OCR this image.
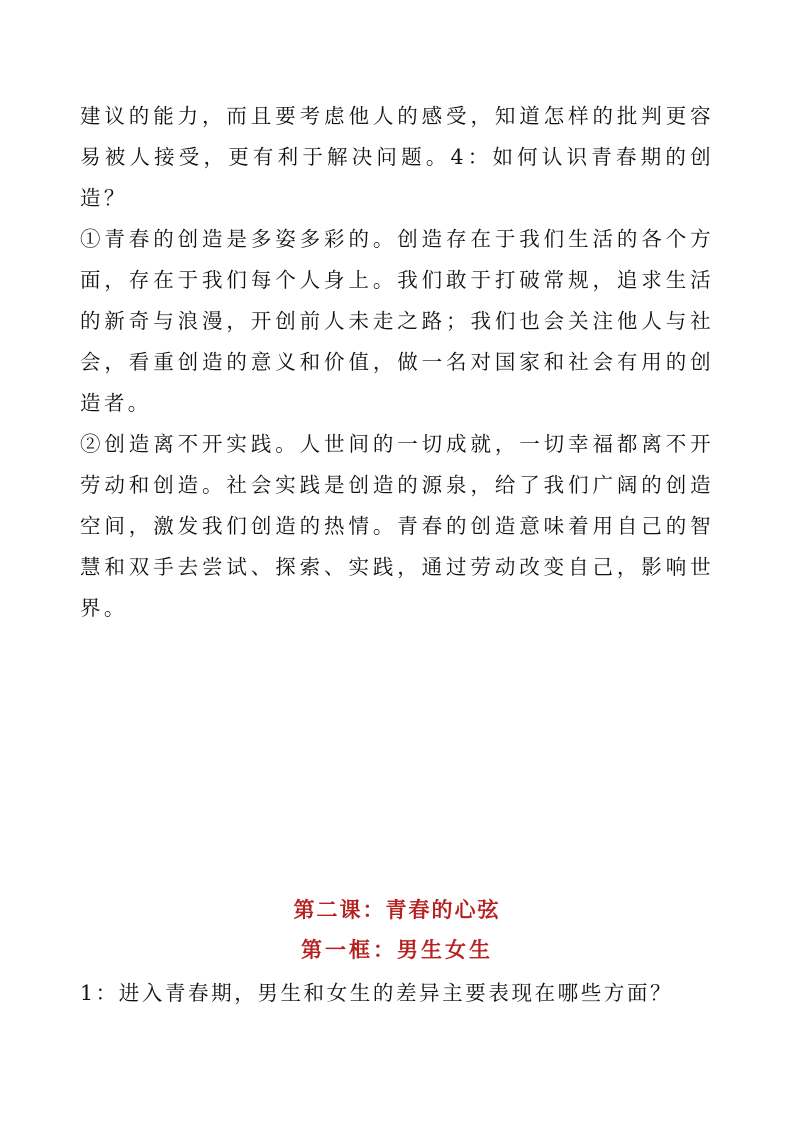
建议的能力，而且要考虑他人的感受，知道怎样的批判更容易被人接受，更有利于解决问题。4：如何认识青春期的创造？

①青春的创造是多姿多彩的。创造存在于我们生活的各个方面，存在于我们每个人身上。我们敢于打破常规，追求生活的新奇与浪漫，开创前人未走之路；我们也会关注他人与社会，看重创造的意义和价值，做一名对国家和社会有用的创造者。

②创造离不开实践。人世间的一切成就，一切幸福都离不开劳动和创造。社会实践是创造的源泉，给了我们广阔的创造空间，激发我们创造的热情。青春的创造意味着用自己的智慧和双手去尝试、探索、实践，通过劳动改变自己，影响世界。

第二课：青春的心弦
第一框：男生女生
1：进入青春期，男生和女生的差异主要表现在哪些方面？
